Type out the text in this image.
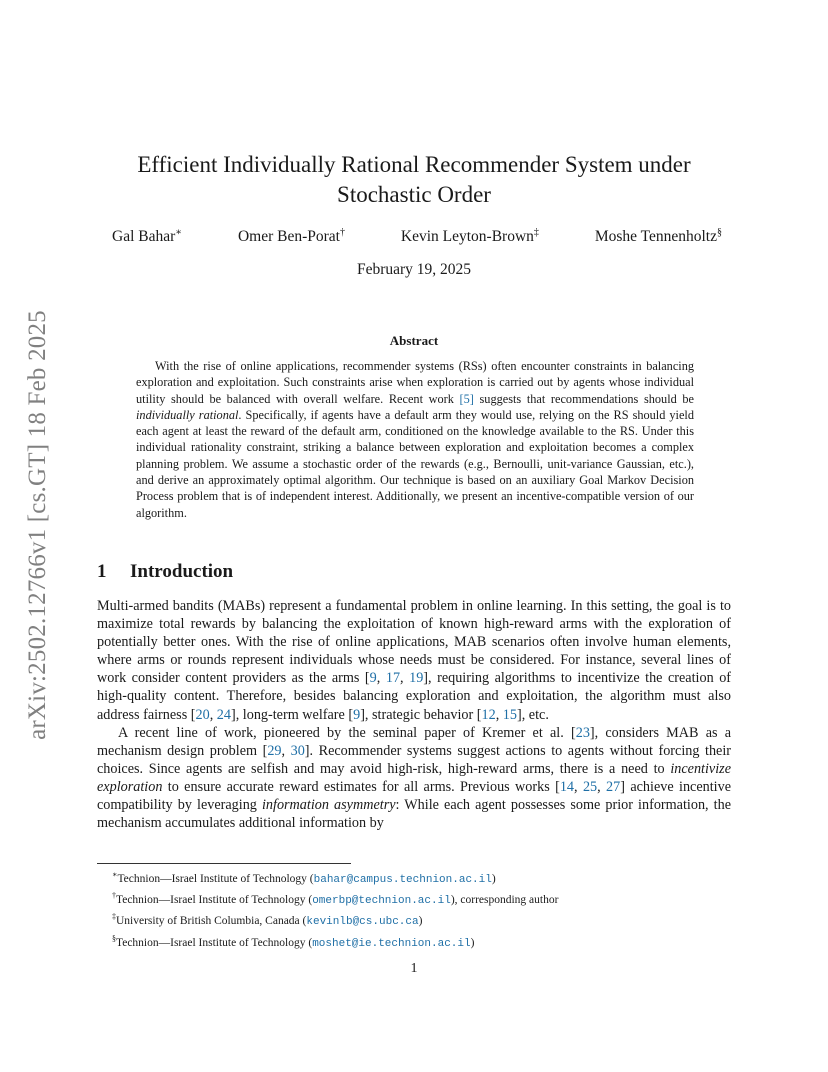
arXiv:2502.12766v1 [cs.GT] 18 Feb 2025
Efficient Individually Rational Recommender System under Stochastic Order
Gal Bahar∗	Omer Ben-Porat†	Kevin Leyton-Brown‡	Moshe Tennenholtz§
February 19, 2025
Abstract

With the rise of online applications, recommender systems (RSs) often encounter constraints in balancing exploration and exploitation. Such constraints arise when exploration is carried out by agents whose individual utility should be balanced with overall welfare. Recent work [5] suggests that recommendations should be individually rational. Specifically, if agents have a default arm they would use, relying on the RS should yield each agent at least the reward of the default arm, conditioned on the knowledge available to the RS. Under this individual rationality constraint, striking a balance between exploration and exploitation becomes a complex planning problem. We assume a stochastic order of the rewards (e.g., Bernoulli, unit-variance Gaussian, etc.), and derive an approximately optimal algorithm. Our technique is based on an auxiliary Goal Markov Decision Process problem that is of independent interest. Additionally, we present an incentive-compatible version of our algorithm.

1 Introduction

Multi-armed bandits (MABs) represent a fundamental problem in online learning. In this setting, the goal is to maximize total rewards by balancing the exploitation of known high-reward arms with the exploration of potentially better ones. With the rise of online applications, MAB scenarios often involve human elements, where arms or rounds represent individuals whose needs must be considered. For instance, several lines of work consider content providers as the arms [9, 17, 19], requiring algorithms to incentivize the creation of high-quality content. Therefore, besides balancing exploration and exploitation, the algorithm must also address fairness [20, 24], long-term welfare [9], strategic behavior [12, 15], etc.

A recent line of work, pioneered by the seminal paper of Kremer et al. [23], considers MAB as a mechanism design problem [29, 30]. Recommender systems suggest actions to agents without forcing their choices. Since agents are selfish and may avoid high-risk, high-reward arms, there is a need to incentivize exploration to ensure accurate reward estimates for all arms. Previous works [14, 25, 27] achieve incentive compatibility by leveraging information asymmetry: While each agent possesses some prior information, the mechanism accumulates additional information by

∗Technion—Israel Institute of Technology (bahar@campus.technion.ac.il)
†Technion—Israel Institute of Technology (omerbp@technion.ac.il), corresponding author
‡University of British Columbia, Canada (kevinlb@cs.ubc.ca)
§Technion—Israel Institute of Technology (moshet@ie.technion.ac.il)
1
